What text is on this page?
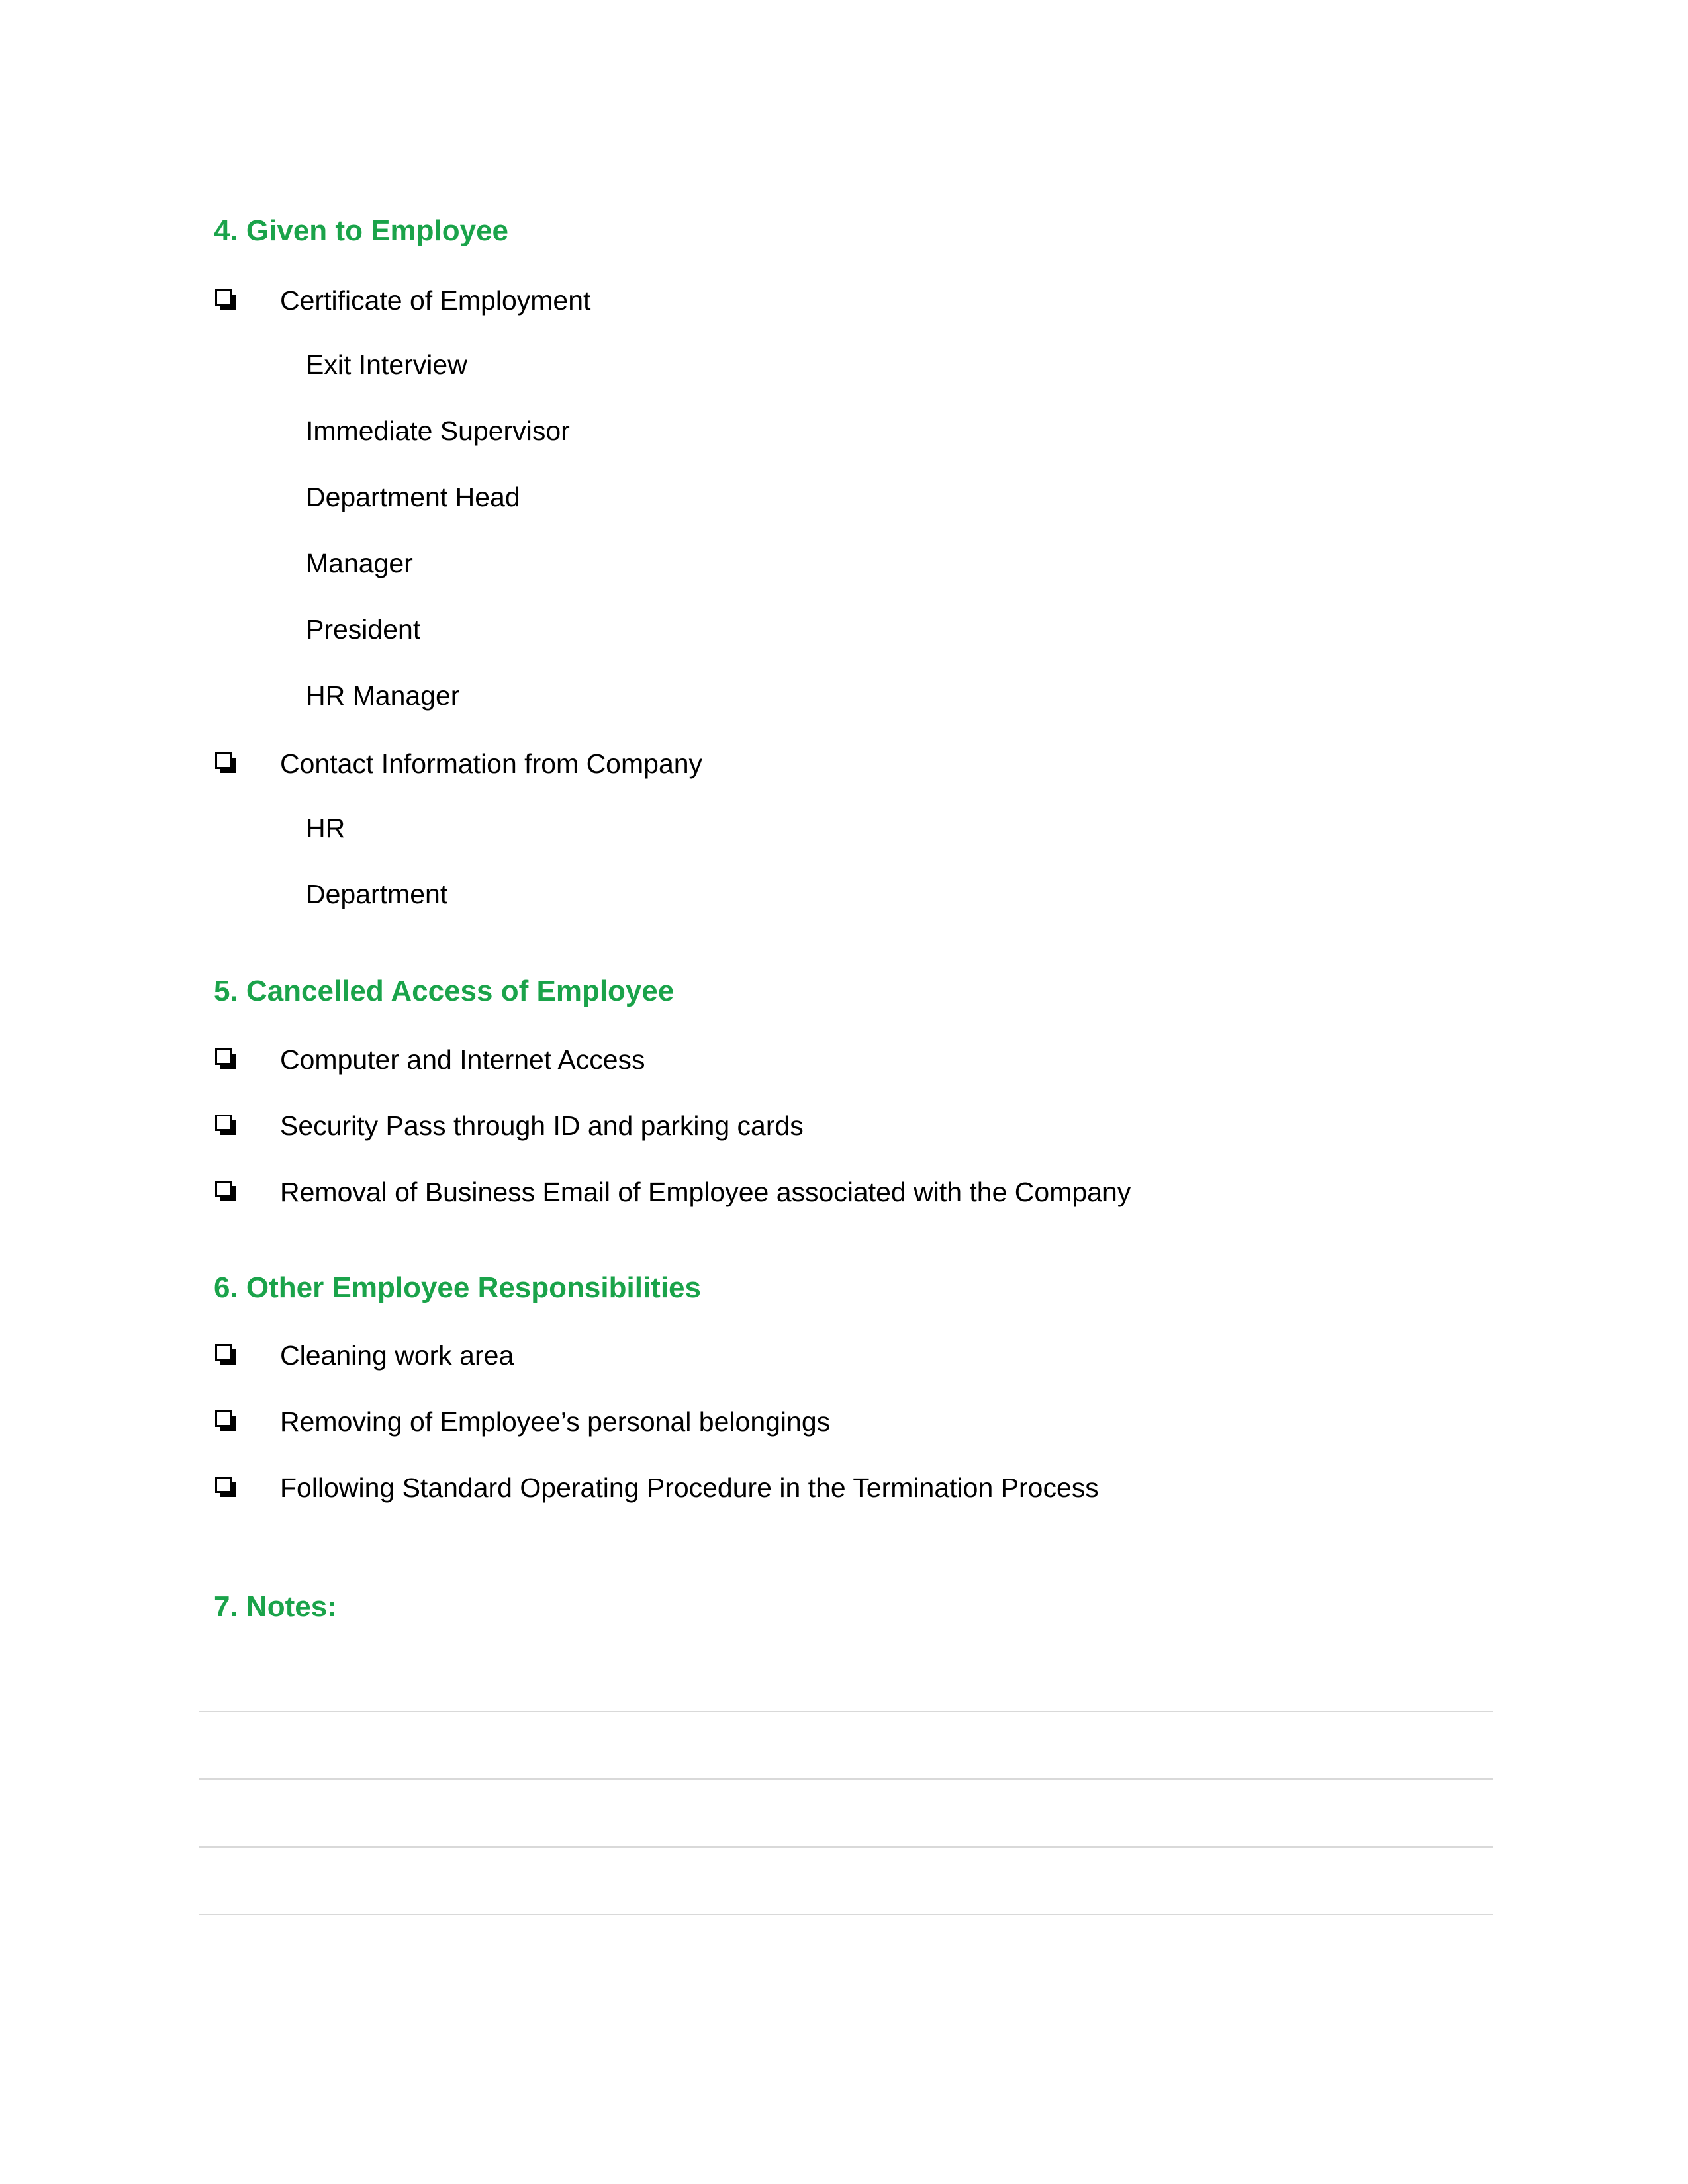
4. Given to Employee
Certificate of Employment
Exit Interview
Immediate Supervisor
Department Head
Manager
President
HR Manager
Contact Information from Company
HR
Department
5. Cancelled Access of Employee
Computer and Internet Access
Security Pass through ID and parking cards
Removal of Business Email of Employee associated with the Company
6. Other Employee Responsibilities
Cleaning work area
Removing of Employee’s personal belongings
Following Standard Operating Procedure in the Termination Process
7. Notes:
